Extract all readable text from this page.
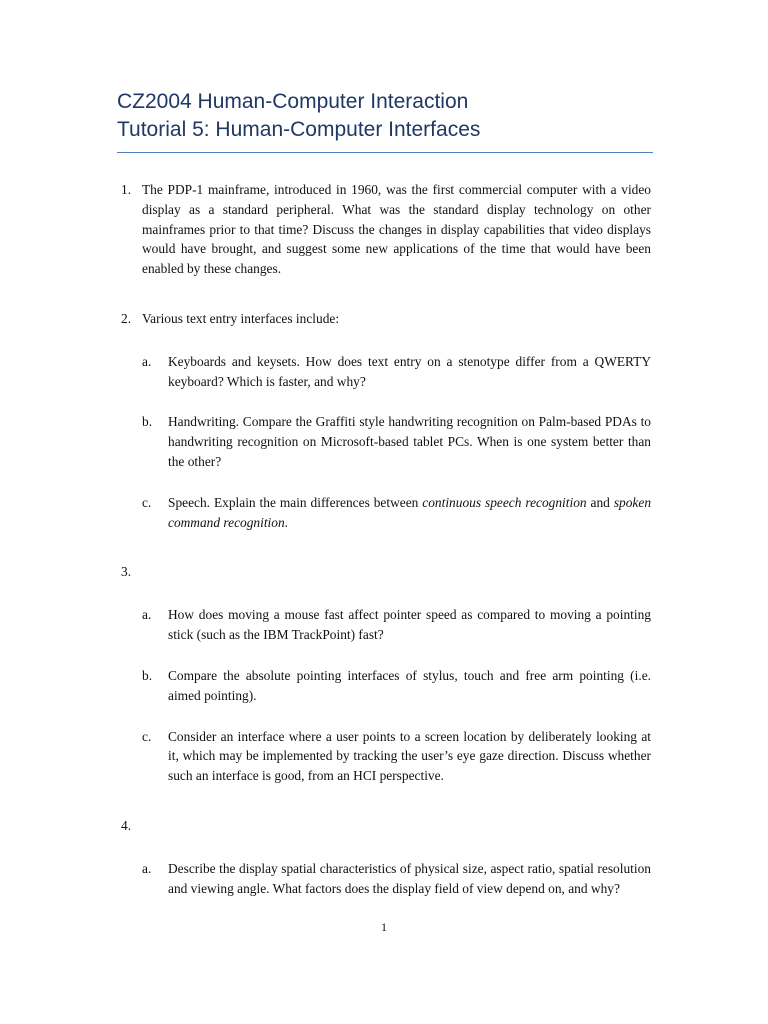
CZ2004 Human-Computer Interaction
Tutorial 5: Human-Computer Interfaces
1. The PDP-1 mainframe, introduced in 1960, was the first commercial computer with a video display as a standard peripheral. What was the standard display technology on other mainframes prior to that time? Discuss the changes in display capabilities that video displays would have brought, and suggest some new applications of the time that would have been enabled by these changes.
2. Various text entry interfaces include:
a. Keyboards and keysets. How does text entry on a stenotype differ from a QWERTY keyboard? Which is faster, and why?
b. Handwriting. Compare the Graffiti style handwriting recognition on Palm-based PDAs to handwriting recognition on Microsoft-based tablet PCs. When is one system better than the other?
c. Speech. Explain the main differences between continuous speech recognition and spoken command recognition.
3.
a. How does moving a mouse fast affect pointer speed as compared to moving a pointing stick (such as the IBM TrackPoint) fast?
b. Compare the absolute pointing interfaces of stylus, touch and free arm pointing (i.e. aimed pointing).
c. Consider an interface where a user points to a screen location by deliberately looking at it, which may be implemented by tracking the user’s eye gaze direction. Discuss whether such an interface is good, from an HCI perspective.
4.
a. Describe the display spatial characteristics of physical size, aspect ratio, spatial resolution and viewing angle. What factors does the display field of view depend on, and why?
1
